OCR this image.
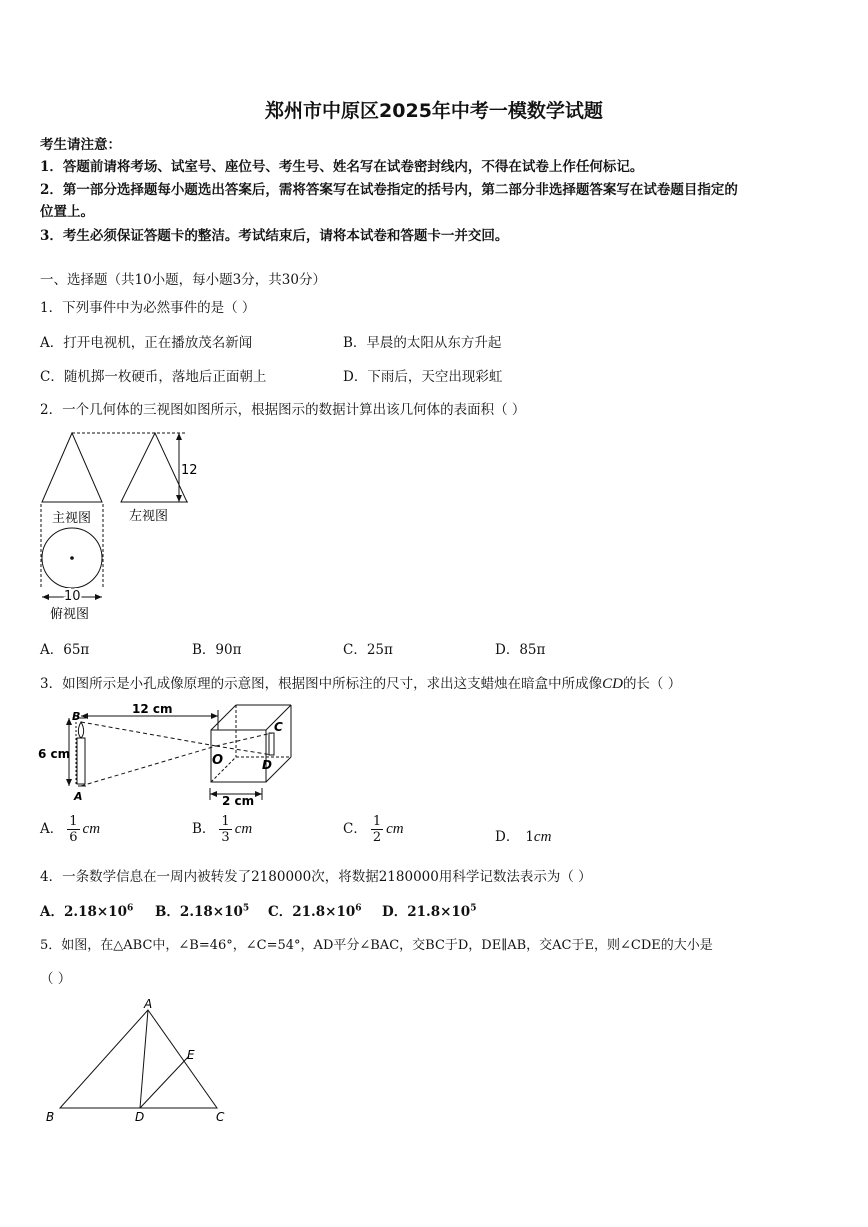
郑州市中原区2025年中考一模数学试题
考生请注意：
1．答题前请将考场、试室号、座位号、考生号、姓名写在试卷密封线内，不得在试卷上作任何标记。
2．第一部分选择题每小题选出答案后，需将答案写在试卷指定的括号内，第二部分非选择题答案写在试卷题目指定的
位置上。
3．考生必须保证答题卡的整洁。考试结束后，请将本试卷和答题卡一并交回。
一、选择题（共10小题，每小题3分，共30分）
1．下列事件中为必然事件的是（ ）
A．打开电视机，正在播放茂名新闻	B．早晨的太阳从东方升起
C．随机掷一枚硬币，落地后正面朝上	D．下雨后，天空出现彩虹
2．一个几何体的三视图如图所示，根据图示的数据计算出该几何体的表面积（ ）
12
主视图	左视图
10
俯视图
A．65π	B．90π	C．25π	D．85π
3．如图所示是小孔成像原理的示意图，根据图中所标注的尺寸，求出这支蜡烛在暗盒中所成像CD的长（ ）
B
A
6 cm
12 cm
O	D
C
2 cm
A． $\frac{1}{6}$ cm	B． $\frac{1}{3}$ cm	C． $\frac{1}{2}$ cm	D． 1cm
4．一条数学信息在一周内被转发了2180000次，将数据2180000用科学记数法表示为（ ）
A．$2.18\times 10^6$ B．$2.18\times 10^5$ C．$21.8\times 10^6$ D．$21.8\times 10^5$
5．如图，在△ABC中，∠B=46°，∠C=54°，AD平分∠BAC，交BC于D，DE∥AB，交AC于E，则∠CDE的大小是
（ ）
A
B	D	C
E
